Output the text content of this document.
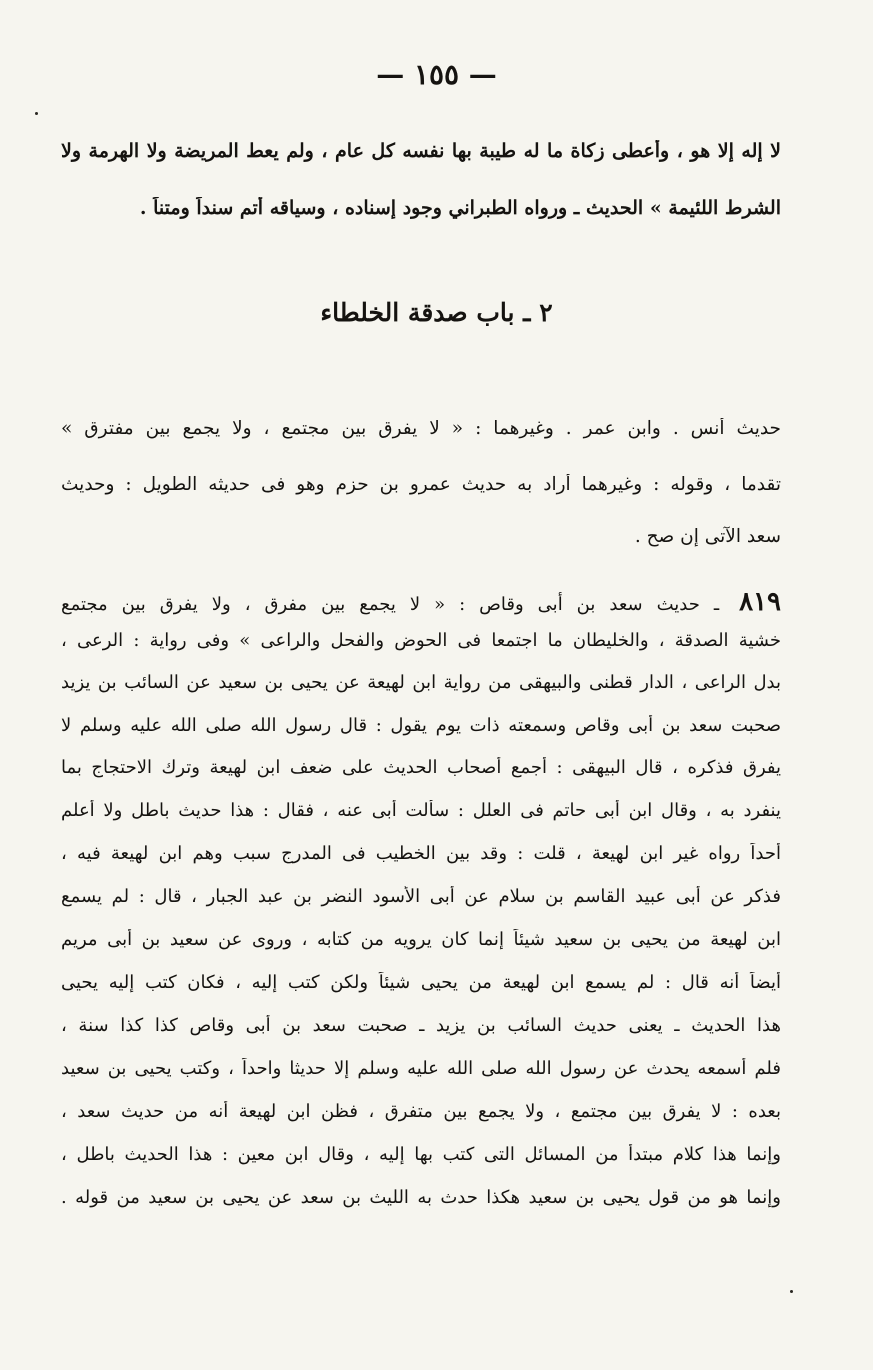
— ١٥٥ —
لا إله إلا هو ، وأعطى زكاة ما له طيبة بها نفسه كل عام ، ولم يعط المريضة ولا الهرمة ولا
الشرط اللئيمة » الحديث ـ ورواه الطبراني وجود إسناده ، وسياقه أتم سنداً ومتناً .
٢ ـ باب صدقة الخلطاء
حديث أنس . وابن عمر . وغيرهما : « لا يفرق بين مجتمع ، ولا يجمع بين مفترق »
تقدما ، وقوله : وغيرهما أراد به حديث عمرو بن حزم وهو فى حديثه الطويل : وحديث
سعد الآتى إن صح .
٨١٩ ـ حديث سعد بن أبى وقاص : « لا يجمع بين مفرق ، ولا يفرق بين مجتمع
خشية الصدقة ، والخليطان ما اجتمعا فى الحوض والفحل والراعى » وفى رواية : الرعى ،
بدل الراعى ، الدار قطنى والبيهقى من رواية ابن لهيعة عن يحيى بن سعيد عن السائب بن يزيد
صحبت سعد بن أبى وقاص وسمعته ذات يوم يقول : قال رسول الله صلى الله عليه وسلم لا
يفرق فذكره ، قال البيهقى : أجمع أصحاب الحديث على ضعف ابن لهيعة وترك الاحتجاج بما
ينفرد به ، وقال ابن أبى حاتم فى العلل : سألت أبى عنه ، فقال : هذا حديث باطل ولا أعلم
أحداً رواه غير ابن لهيعة ، قلت : وقد بين الخطيب فى المدرج سبب وهم ابن لهيعة فيه ،
فذكر عن أبى عبيد القاسم بن سلام عن أبى الأسود النضر بن عبد الجبار ، قال : لم يسمع
ابن لهيعة من يحيى بن سعيد شيئاً إنما كان يرويه من كتابه ، وروى عن سعيد بن أبى مريم
أيضاً أنه قال : لم يسمع ابن لهيعة من يحيى شيئاً ولكن كتب إليه ، فكان كتب إليه يحيى
هذا الحديث ـ يعنى حديث السائب بن يزيد ـ صحبت سعد بن أبى وقاص كذا كذا سنة ،
فلم أسمعه يحدث عن رسول الله صلى الله عليه وسلم إلا حديثا واحداً ، وكتب يحيى بن سعيد
بعده : لا يفرق بين مجتمع ، ولا يجمع بين متفرق ، فظن ابن لهيعة أنه من حديث سعد ،
وإنما هذا كلام مبتدأ من المسائل التى كتب بها إليه ، وقال ابن معين : هذا الحديث باطل ،
وإنما هو من قول يحيى بن سعيد هكذا حدث به الليث بن سعد عن يحيى بن سعيد من قوله .
